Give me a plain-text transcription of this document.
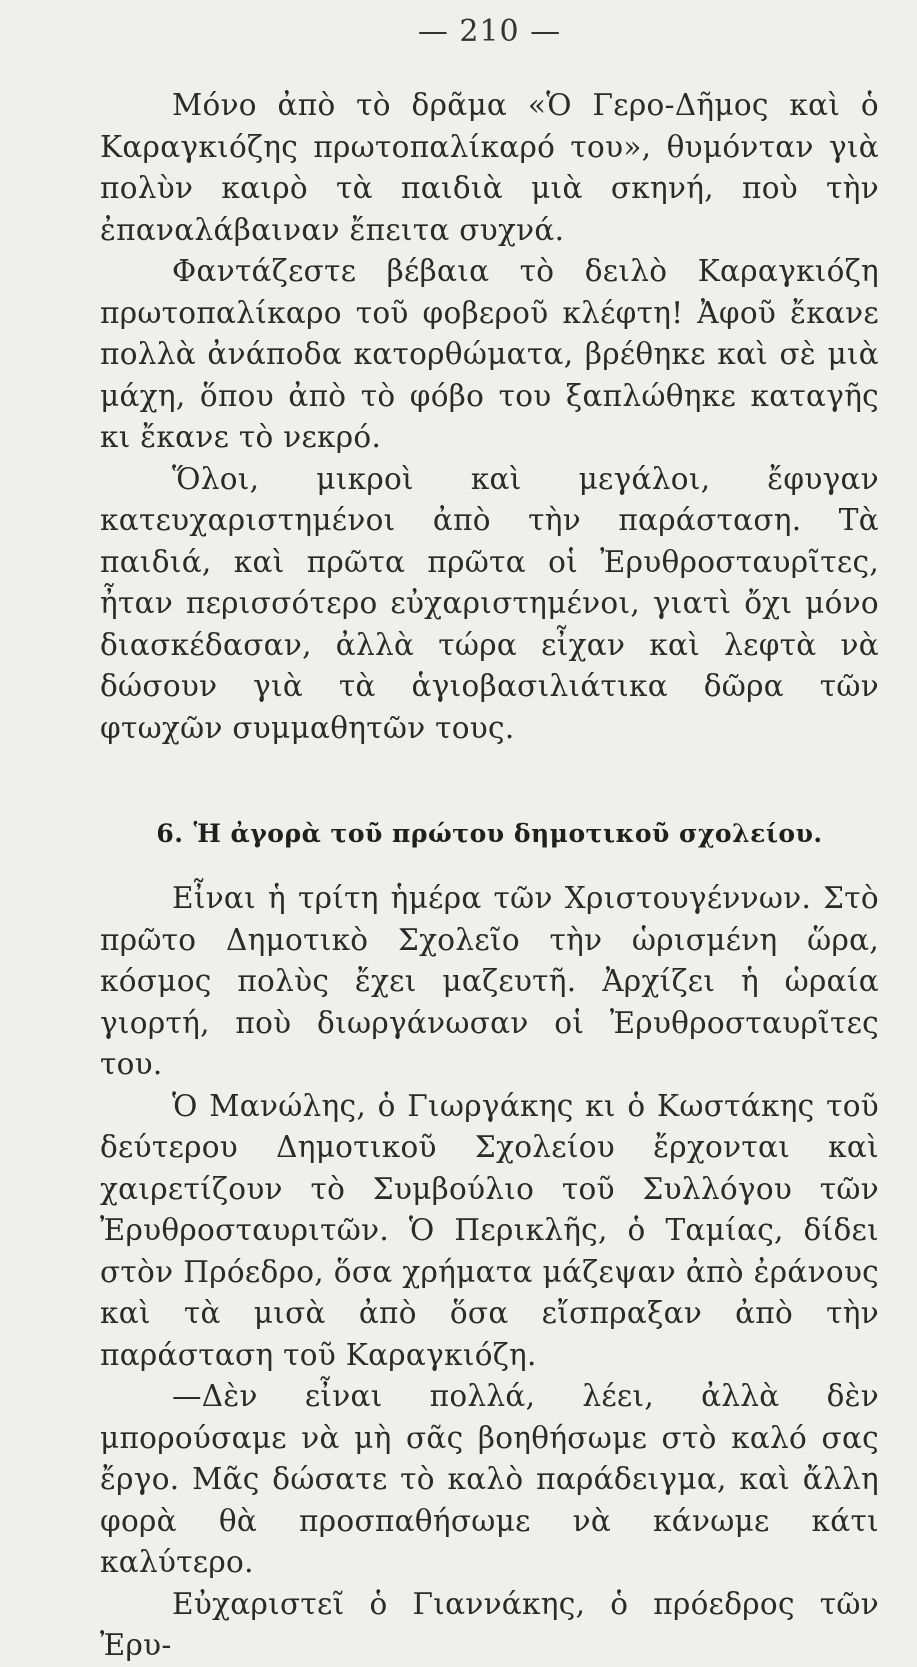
— 210 —

Μόνο ἀπὸ τὸ δρᾶμα «Ὁ Γερο-Δῆμος καὶ ὁ Καραγκιόζης πρωτοπαλίκαρό του», θυμόνταν γιὰ πολὺν καιρὸ τὰ παιδιὰ μιὰ σκηνή, ποὺ τὴν ἐπαναλάβαιναν ἔπειτα συχνά.

Φαντάζεστε βέβαια τὸ δειλὸ Καραγκιόζη πρωτοπαλίκαρο τοῦ φοβεροῦ κλέφτη! Ἀφοῦ ἔκανε πολλὰ ἀνάποδα κατορθώματα, βρέθηκε καὶ σὲ μιὰ μάχη, ὅπου ἀπὸ τὸ φόβο του ξαπλώθηκε καταγῆς κι ἔκανε τὸ νεκρό.

Ὅλοι, μικροὶ καὶ μεγάλοι, ἔφυγαν κατευχαριστημένοι ἀπὸ τὴν παράσταση. Τὰ παιδιά, καὶ πρῶτα πρῶτα οἱ Ἐρυθροσταυρῖτες, ἦταν περισσότερο εὐχαριστημένοι, γιατὶ ὄχι μόνο διασκέδασαν, ἀλλὰ τώρα εἶχαν καὶ λεφτὰ νὰ δώσουν γιὰ τὰ ἁγιοβασιλιάτικα δῶρα τῶν φτωχῶν συμμαθητῶν τους.

6. Ἡ ἀγορὰ τοῦ πρώτου δημοτικοῦ σχολείου.

Εἶναι ἡ τρίτη ἡμέρα τῶν Χριστουγέννων. Στὸ πρῶτο Δημοτικὸ Σχολεῖο τὴν ὡρισμένη ὥρα, κόσμος πολὺς ἔχει μαζευτῆ. Ἀρχίζει ἡ ὡραία γιορτή, ποὺ διωργάνωσαν οἱ Ἐρυθροσταυρῖτες του.

Ὁ Μανώλης, ὁ Γιωργάκης κι ὁ Κωστάκης τοῦ δεύτερου Δημοτικοῦ Σχολείου ἔρχονται καὶ χαιρετίζουν τὸ Συμβούλιο τοῦ Συλλόγου τῶν Ἐρυθροσταυριτῶν. Ὁ Περικλῆς, ὁ Ταμίας, δίδει στὸν Πρόεδρο, ὅσα χρήματα μάζεψαν ἀπὸ ἐράνους καὶ τὰ μισὰ ἀπὸ ὅσα εἴσπραξαν ἀπὸ τὴν παράσταση τοῦ Καραγκιόζη.

—Δὲν εἶναι πολλά, λέει, ἀλλὰ δὲν μπορούσαμε νὰ μὴ σᾶς βοηθήσωμε στὸ καλό σας ἔργο. Μᾶς δώσατε τὸ καλὸ παράδειγμα, καὶ ἄλλη φορὰ θὰ προσπαθήσωμε νὰ κάνωμε κάτι καλύτερο.

Εὐχαριστεῖ ὁ Γιαννάκης, ὁ πρόεδρος τῶν Ἐρυ-
